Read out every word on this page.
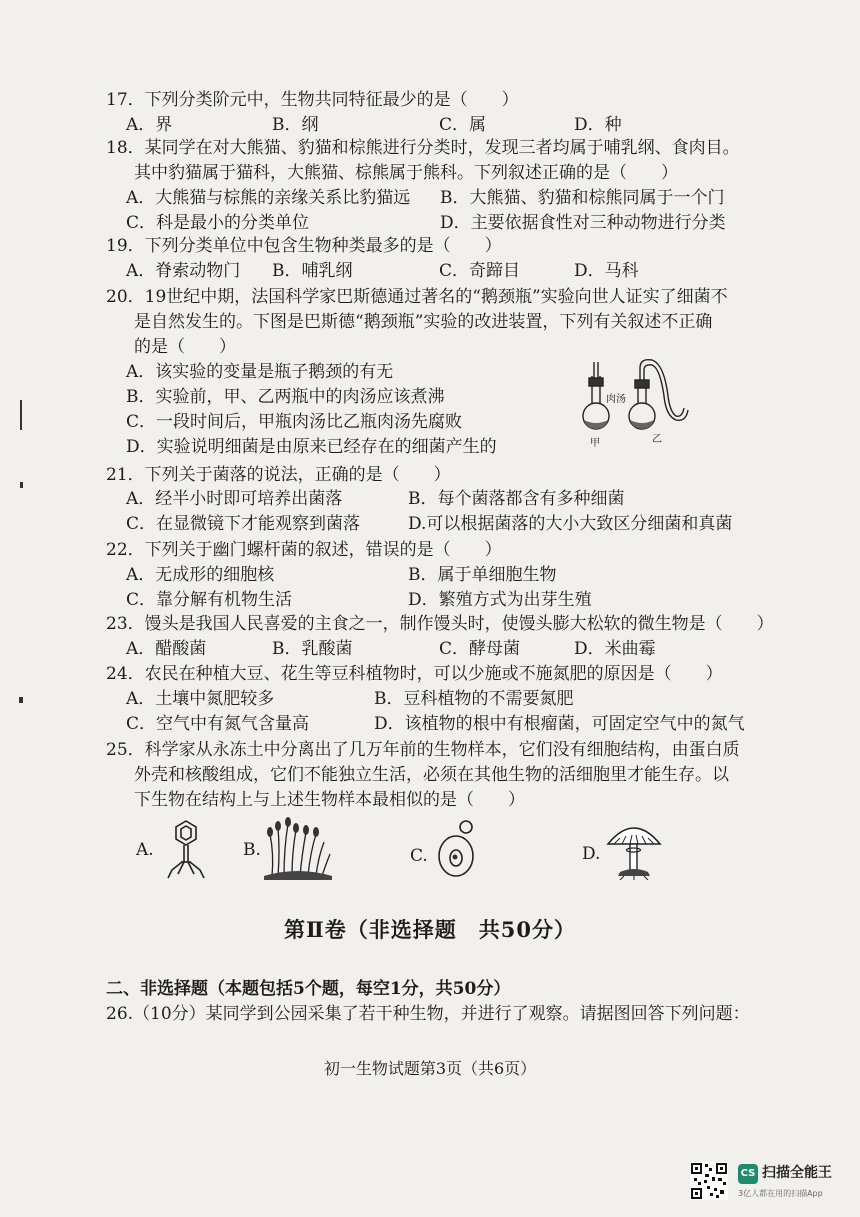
17．下列分类阶元中，生物共同特征最少的是（　　）
A．界	B．纲	C．属	D．种
18．某同学在对大熊猫、豹猫和棕熊进行分类时，发现三者均属于哺乳纲、食肉目。
其中豹猫属于猫科，大熊猫、棕熊属于熊科。下列叙述正确的是（　　）
A．大熊猫与棕熊的亲缘关系比豹猫远 B．大熊猫、豹猫和棕熊同属于一个门
C．科是最小的分类单位	D．主要依据食性对三种动物进行分类
19．下列分类单位中包含生物种类最多的是（　　）
A．脊索动物门 B．哺乳纲	C．奇蹄目	D．马科
20．19世纪中期，法国科学家巴斯德通过著名的“鹅颈瓶”实验向世人证实了细菌不
是自然发生的。下图是巴斯德“鹅颈瓶”实验的改进装置，下列有关叙述不正确
的是（　　）
A．该实验的变量是瓶子鹅颈的有无
B．实验前，甲、乙两瓶中的肉汤应该煮沸
C．一段时间后，甲瓶肉汤比乙瓶肉汤先腐败
D．实验说明细菌是由原来已经存在的细菌产生的
肉汤
甲	乙
21．下列关于菌落的说法，正确的是（　　）
A．经半小时即可培养出菌落	B．每个菌落都含有多种细菌
C．在显微镜下才能观察到菌落	D.可以根据菌落的大小大致区分细菌和真菌
22．下列关于幽门螺杆菌的叙述，错误的是（　　）
A．无成形的细胞核	B．属于单细胞生物
C．靠分解有机物生活	D．繁殖方式为出芽生殖
23．馒头是我国人民喜爱的主食之一，制作馒头时，使馒头膨大松软的微生物是（　　）
A．醋酸菌	B．乳酸菌	C．酵母菌	D．米曲霉
24．农民在种植大豆、花生等豆科植物时，可以少施或不施氮肥的原因是（　　）
A．土壤中氮肥较多	B．豆科植物的不需要氮肥
C．空气中有氮气含量高	D．该植物的根中有根瘤菌，可固定空气中的氮气
25．科学家从永冻土中分离出了几万年前的生物样本，它们没有细胞结构，由蛋白质
外壳和核酸组成，它们不能独立生活，必须在其他生物的活细胞里才能生存。以
下生物在结构上与上述生物样本最相似的是（　　）
A.	B.	C.	D.
第Ⅱ卷（非选择题　共50分）
二、非选择题（本题包括5个题，每空1分，共50分）
26.（10分）某同学到公园采集了若干种生物，并进行了观察。请据图回答下列问题：
初一生物试题第3页（共6页）
CS 扫描全能王
3亿人都在用的扫描App
